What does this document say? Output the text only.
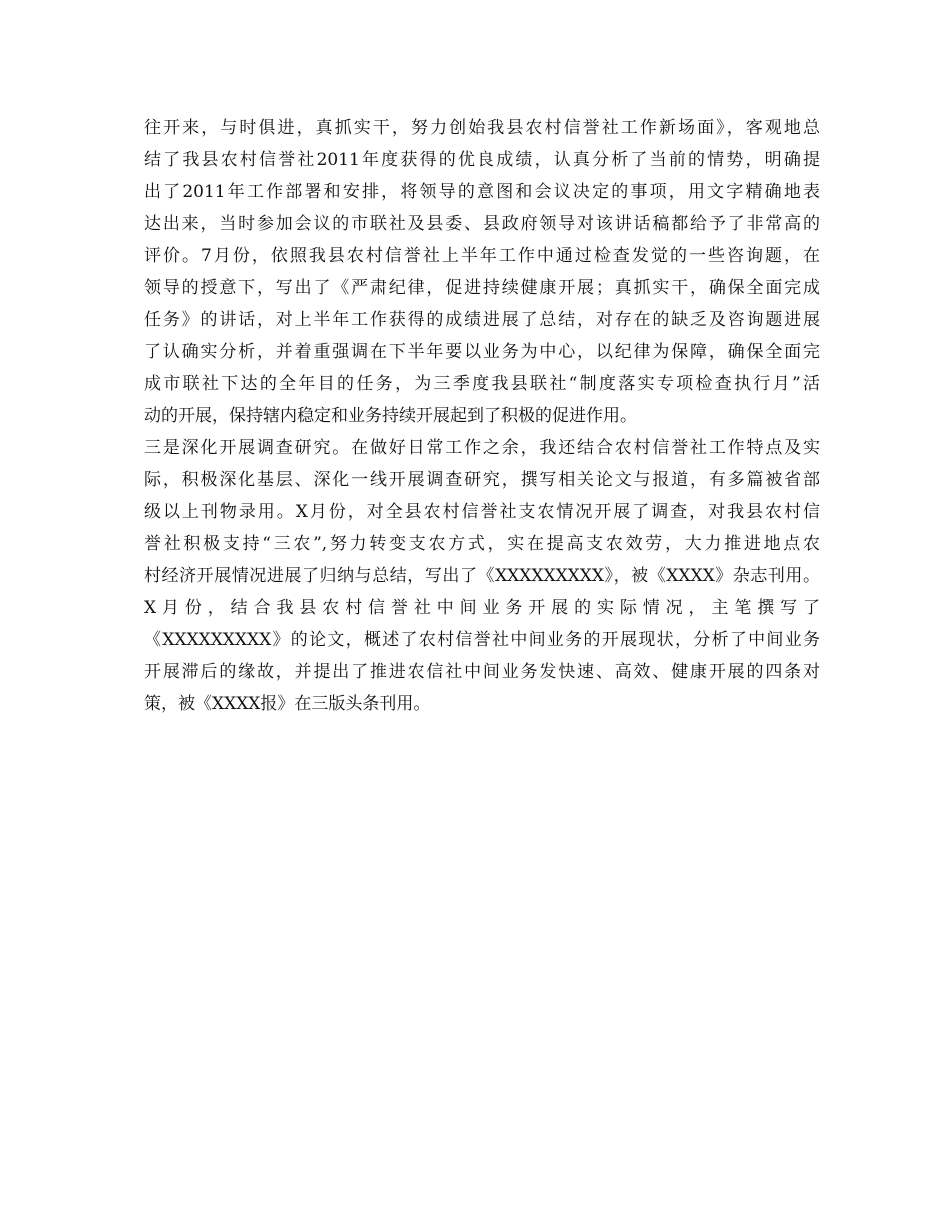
往开来，与时俱进，真抓实干，努力创始我县农村信誉社工作新场面》，客观地总
结了我县农村信誉社2011年度获得的优良成绩，认真分析了当前的情势，明确提
出了2011年工作部署和安排，将领导的意图和会议决定的事项，用文字精确地表
达出来，当时参加会议的市联社及县委、县政府领导对该讲话稿都给予了非常高的
评价。7月份，依照我县农村信誉社上半年工作中通过检查发觉的一些咨询题，在
领导的授意下，写出了《严肃纪律，促进持续健康开展；真抓实干，确保全面完成
任务》的讲话，对上半年工作获得的成绩进展了总结，对存在的缺乏及咨询题进展
了认确实分析，并着重强调在下半年要以业务为中心，以纪律为保障，确保全面完
成市联社下达的全年目的任务，为三季度我县联社“制度落实专项检查执行月”活
动的开展，保持辖内稳定和业务持续开展起到了积极的促进作用。
三是深化开展调查研究。在做好日常工作之余，我还结合农村信誉社工作特点及实
际，积极深化基层、深化一线开展调查研究，撰写相关论文与报道，有多篇被省部
级以上刊物录用。X月份，对全县农村信誉社支农情况开展了调查，对我县农村信
誉社积极支持“三农”,努力转变支农方式，实在提高支农效劳，大力推进地点农
村经济开展情况进展了归纳与总结，写出了《XXXXXXXXX》，被《XXXX》杂志刊用。
X月份，结合我县农村信誉社中间业务开展的实际情况，主笔撰写了
《XXXXXXXXX》的论文，概述了农村信誉社中间业务的开展现状，分析了中间业务
开展滞后的缘故，并提出了推进农信社中间业务发快速、高效、健康开展的四条对
策，被《XXXX报》在三版头条刊用。
